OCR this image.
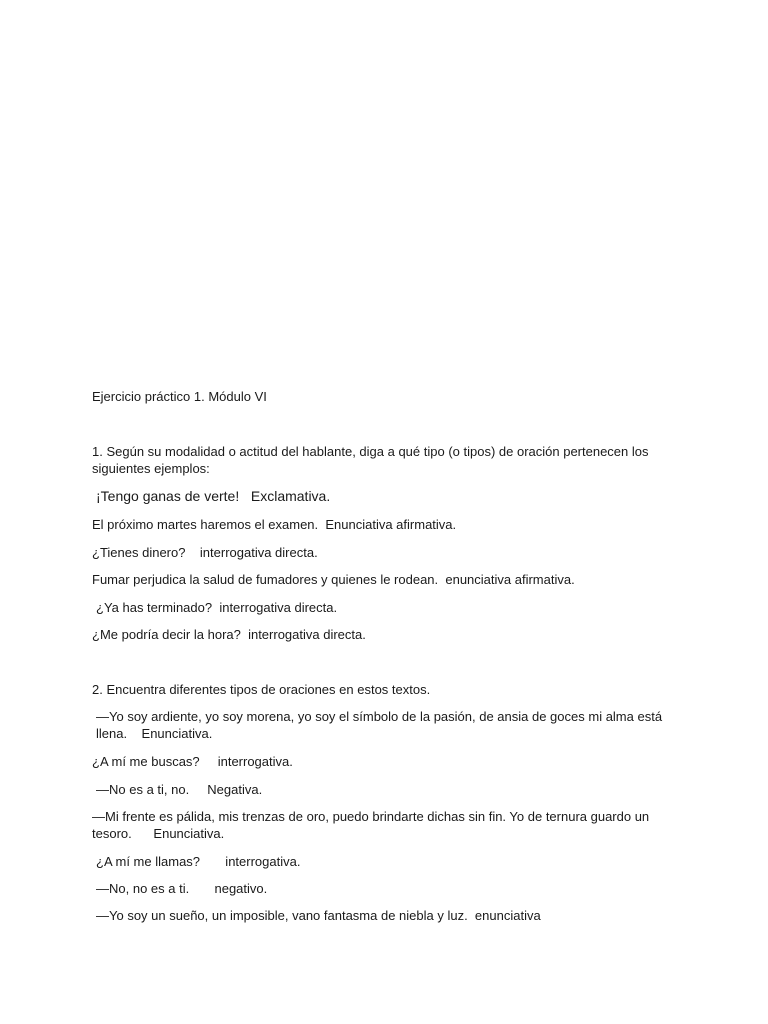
Ejercicio práctico 1. Módulo VI
1. Según su modalidad o actitud del hablante, diga a qué tipo (o tipos) de oración pertenecen los siguientes ejemplos:
¡Tengo ganas de verte!   Exclamativa.
El próximo martes haremos el examen.  Enunciativa afirmativa.
¿Tienes dinero?    interrogativa directa.
Fumar perjudica la salud de fumadores y quienes le rodean.  enunciativa afirmativa.
¿Ya has terminado?  interrogativa directa.
¿Me podría decir la hora?  interrogativa directa.
2. Encuentra diferentes tipos de oraciones en estos textos.
—Yo soy ardiente, yo soy morena, yo soy el símbolo de la pasión, de ansia de goces mi alma está llena.    Enunciativa.
¿A mí me buscas?     interrogativa.
—No es a ti, no.     Negativa.
—Mi frente es pálida, mis trenzas de oro, puedo brindarte dichas sin fin. Yo de ternura guardo un tesoro.      Enunciativa.
¿A mí me llamas?       interrogativa.
—No, no es a ti.       negativo.
—Yo soy un sueño, un imposible, vano fantasma de niebla y luz.  enunciativa
